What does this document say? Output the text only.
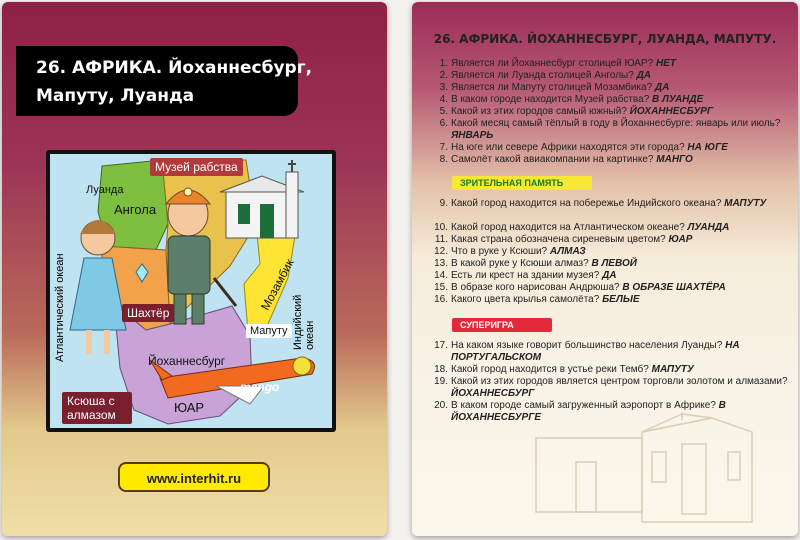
26. АФРИКА. Йоханнесбург,
Мапуту, Луанда
Музей рабства
Луанда
Ангола
Атлантический океан	Индийский океан
Мозамбик
Шахтёр
Мапуту
Йоханнесбург
Ксюша с алмазом	ЮАР
mango
www.interhit.ru
26. АФРИКА. ЙОХАННЕСБУРГ, ЛУАНДА, МАПУТУ.
1. Является ли Йоханнесбург столицей ЮАР? НЕТ
2. Является ли Луанда столицей Анголы? ДА
3. Является ли Мапуту столицей Мозамбика? ДА
4. В каком городе находится Музей рабства? В ЛУАНДЕ
5. Какой из этих городов самый южный? ЙОХАННЕСБУРГ
6. Какой месяц самый тёплый в году в Йоханнесбурге: январь или июль? ЯНВАРЬ
7. На юге или севере Африки находятся эти города? НА ЮГЕ
8. Самолёт какой авиакомпании на картинке? МАНГО
ЗРИТЕЛЬНАЯ ПАМЯТЬ
9. Какой город находится на побережье Индийского океана? МАПУТУ
10. Какой город находится на Атлантическом океане? ЛУАНДА
11. Какая страна обозначена сиреневым цветом? ЮАР
12. Что в руке у Ксюши? АЛМАЗ
13. В какой руке у Ксюши алмаз? В ЛЕВОЙ
14. Есть ли крест на здании музея? ДА
15. В образе кого нарисован Андрюша? В ОБРАЗЕ ШАХТЁРА
16. Какого цвета крылья самолёта? БЕЛЫЕ
СУПЕРИГРА
17. На каком языке говорит большинство населения Луанды? НА ПОРТУГАЛЬСКОМ
18. Какой город находится в устье реки Темб? МАПУТУ
19. Какой из этих городов является центром торговли золотом и алмазами? ЙОХАННЕСБУРГ
20. В каком городе самый загруженный аэропорт в Африке? В ЙОХАННЕСБУРГЕ
